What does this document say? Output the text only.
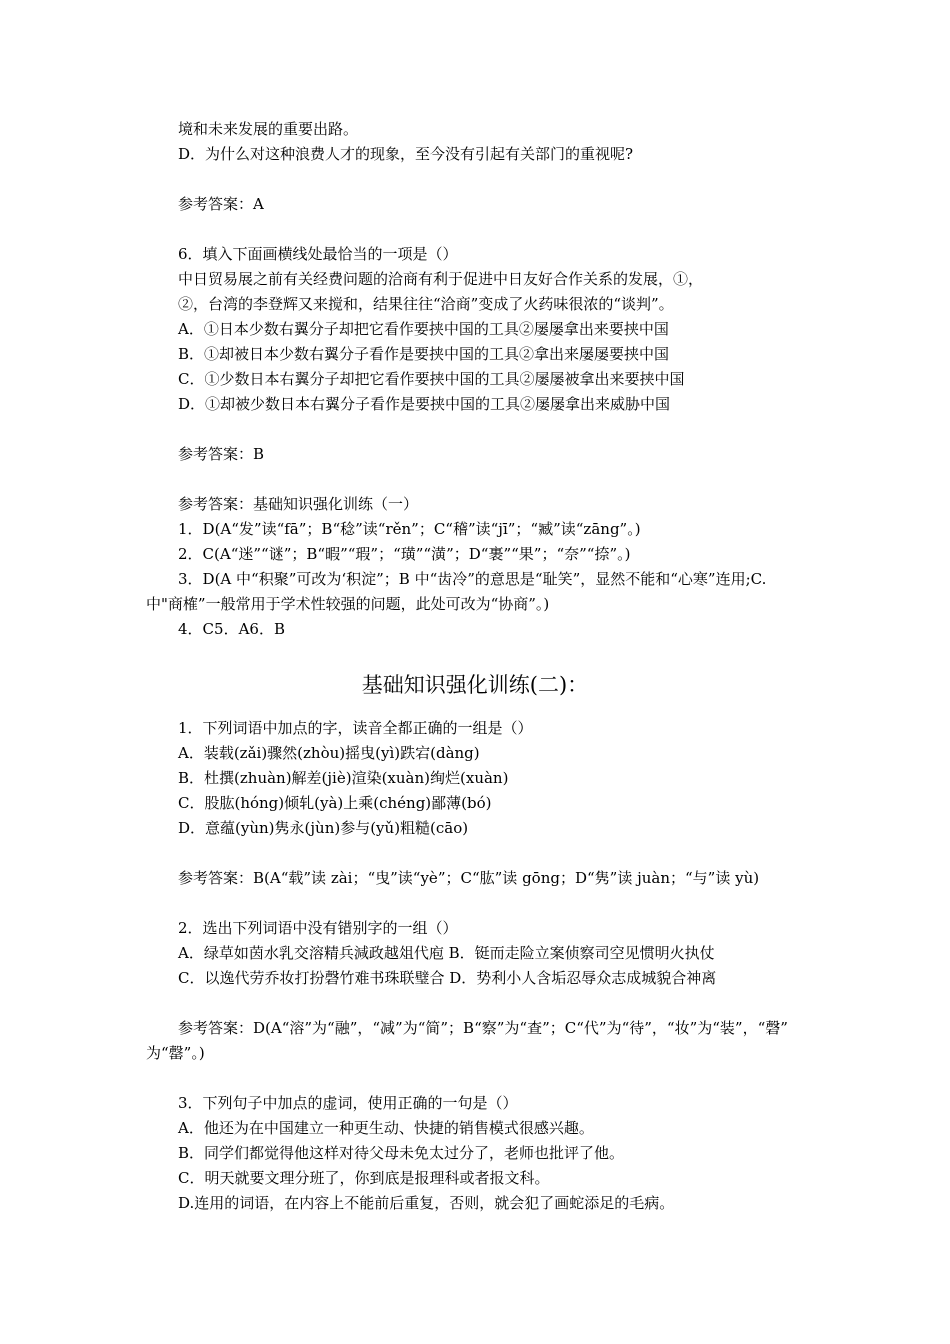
境和未来发展的重要出路。
D．为什么对这种浪费人才的现象，至今没有引起有关部门的重视呢?
参考答案：A
6．填入下面画横线处最恰当的一项是（）
中日贸易展之前有关经费问题的洽商有利于促进中日友好合作关系的发展，①，
②，台湾的李登辉又来搅和，结果往往“洽商”变成了火药味很浓的“谈判”。
A．①日本少数右翼分子却把它看作要挟中国的工具②屡屡拿出来要挟中国
B．①却被日本少数右翼分子看作是要挟中国的工具②拿出来屡屡要挟中国
C．①少数日本右翼分子却把它看作要挟中国的工具②屡屡被拿出来要挟中国
D．①却被少数日本右翼分子看作是要挟中国的工具②屡屡拿出来威胁中国
参考答案：B
参考答案：基础知识强化训练（一）
1．D(A“发”读“fā”；B“稔”读“rěn”；C“稽”读“jī”；“臧”读“zāng”。)
2．C(A“迷”“谜”；B“暇”“瑕”；“璜”“潢”；D“裹”“果”；“奈”“捺”。)
3．D(A 中“积聚”可改为‘积淀”；B 中“齿冷”的意思是“耻笑”，显然不能和“心寒”连用;C.
中"商榷”一般常用于学术性较强的问题，此处可改为“协商”。)
4．C5．A6．B
基础知识强化训练(二)：
1．下列词语中加点的字，读音全都正确的一组是（）
A．装载(zǎi)骤然(zhòu)摇曳(yì)跌宕(dàng)
B．杜撰(zhuàn)解差(jiè)渲染(xuàn)绚烂(xuàn)
C．股肱(hóng)倾轧(yà)上乘(chéng)鄙薄(bó)
D．意蕴(yùn)隽永(jùn)参与(yǔ)粗糙(cāo)
参考答案：B(A“载”读 zài；“曳”读“yè”；C“肱”读 gōng；D“隽”读 juàn；“与”读 yù)
2．选出下列词语中没有错别字的一组（）
A．绿草如茵水乳交溶精兵減政越俎代庖 B．铤而走险立案侦察司空见惯明火执仗
C．以逸代劳乔妆打扮磬竹难书珠联璧合 D．势利小人含垢忍辱众志成城貌合神离
参考答案：D(A“溶”为“融”，“减”为“简”；B“察”为“查”；C“代”为“待”，“妆”为“装”，“磬”
为“罄”。)
3．下列句子中加点的虚词，使用正确的一句是（）
A．他还为在中国建立一种更生动、快捷的销售模式很感兴趣。
B．同学们都觉得他这样对待父母未免太过分了，老师也批评了他。
C．明天就要文理分班了，你到底是报理科或者报文科。
D.连用的词语，在内容上不能前后重复，否则，就会犯了画蛇添足的毛病。
